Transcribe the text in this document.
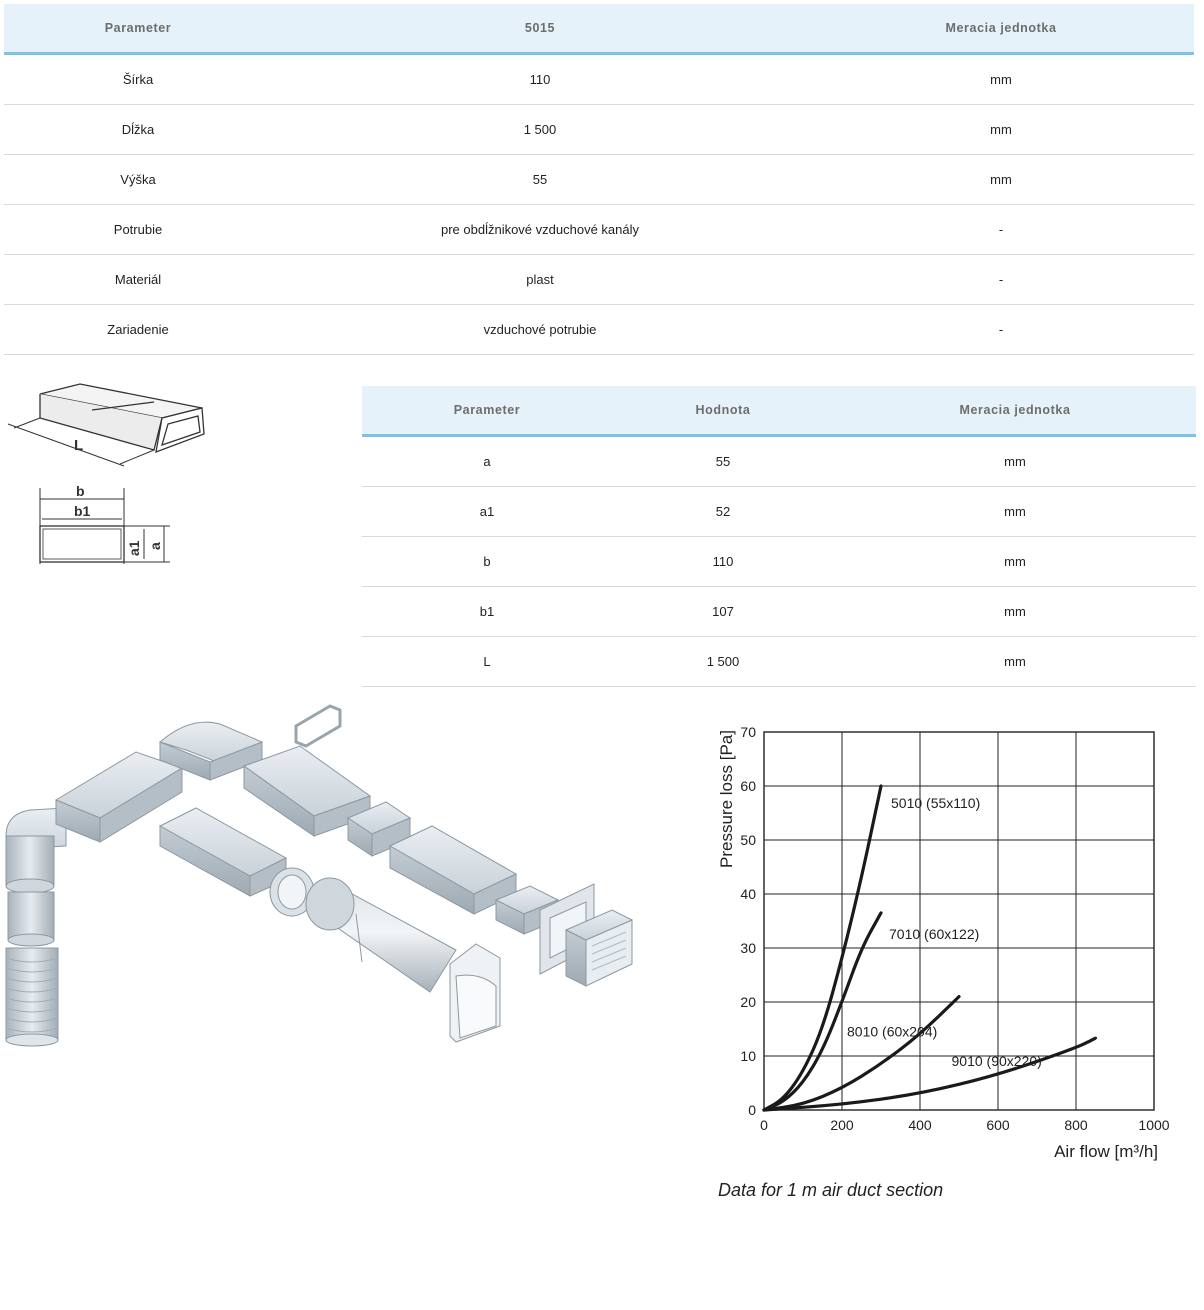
Parameter	5015	Meracia jednotka
Šírka	110	mm
Dĺžka	1 500	mm
Výška	55	mm
Potrubie	pre obdĺžnikové vzduchové kanály	-
Materiál	plast	-
Zariadenie	vzduchové potrubie	-
L
b
b1
a1 a
Parameter	Hodnota	Meracia jednotka
a	55	mm
a1	52	mm
b	110	mm
b1	107	mm
L	1 500	mm
0	200	400	600	800	1000
0
10
20
30
40
50
60
70
5010 (55x110)
7010 (60x122)
8010 (60x204)
9010 (90x220)
Pressure loss [Pa]
Air flow [m³/h]
Data for 1 m air duct section
